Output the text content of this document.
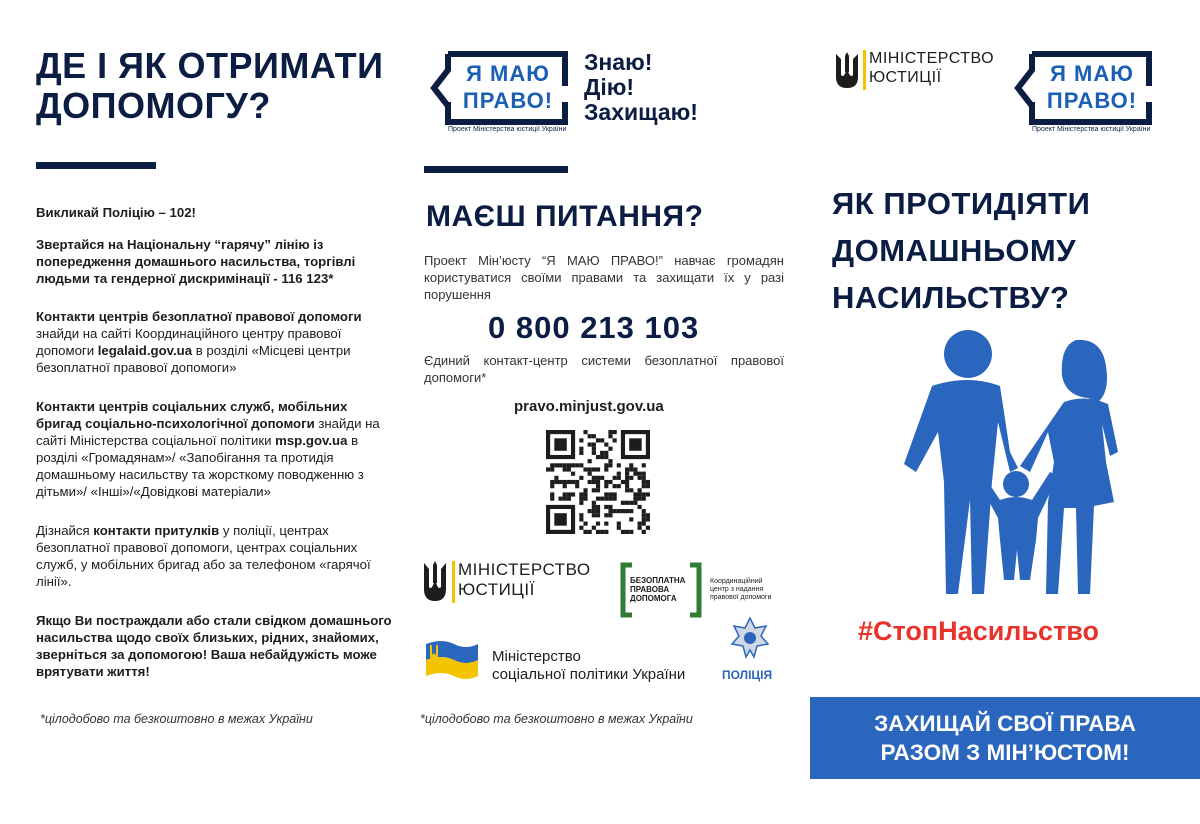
ДЕ І ЯК ОТРИМАТИ
ДОПОМОГУ?
Викликай Поліцію – 102!
Звертайся на Національну “гарячу” лінію із попередження домашнього насильства, торгівлі людьми та гендерної дискримінації - 116 123*
Контакти центрів безоплатної правової допомоги знайди на сайті Координаційного центру правової допомоги legalaid.gov.ua в розділі «Місцеві центри безоплатної правової допомоги»
Контакти центрів соціальних служб, мобільних бригад соціально-психологічної допомоги знайди на сайті Міністерства соціальної політики msp.gov.ua в розділі «Громадянам»/ «Запобігання та протидія домашньому насильству та жорсткому поводженню з дітьми»/ «Інші»/«Довідкові матеріали»
Дізнайся контакти притулків у поліції, центрах безоплатної правової допомоги, центрах соціальних служб, у мобільних бригад або за телефоном «гарячої лінії».
Якщо Ви постраждали або стали свідком домашнього насильства щодо своїх близьких, рідних, знайомих, зверніться за допомогою! Ваша небайдужість може врятувати життя!
*цілодобово та безкоштовно в межах України
Я МАЮ
ПРАВО!
Проект Міністерства юстиції України
Знаю!
Дію!
Захищаю!
МАЄШ ПИТАННЯ?
Проект Мін’юсту “Я МАЮ ПРАВО!” навчає громадян користуватися своїми правами та захищати їх у разі порушення
0 800 213 103
Єдиний контакт-центр системи безоплатної правової допомоги*
pravo.minjust.gov.ua
МІНІСТЕРСТВО
ЮСТИЦІЇ	БЕЗОПЛАТНА
ПРАВОВА
ДОПОМОГА
Координаційний
центр з надання
правової допомоги
Міністерство
соціальної політики України	ПОЛІЦІЯ
*цілодобово та безкоштовно в межах України
МІНІСТЕРСТВО
ЮСТИЦІЇ	Я МАЮ
ПРАВО!
Проект Міністерства юстиції України
ЯК ПРОТИДІЯТИ
ДОМАШНЬОМУ
НАСИЛЬСТВУ?
#СтопНасильство
ЗАХИЩАЙ СВОЇ ПРАВА
РАЗОМ З МІН’ЮСТОМ!
